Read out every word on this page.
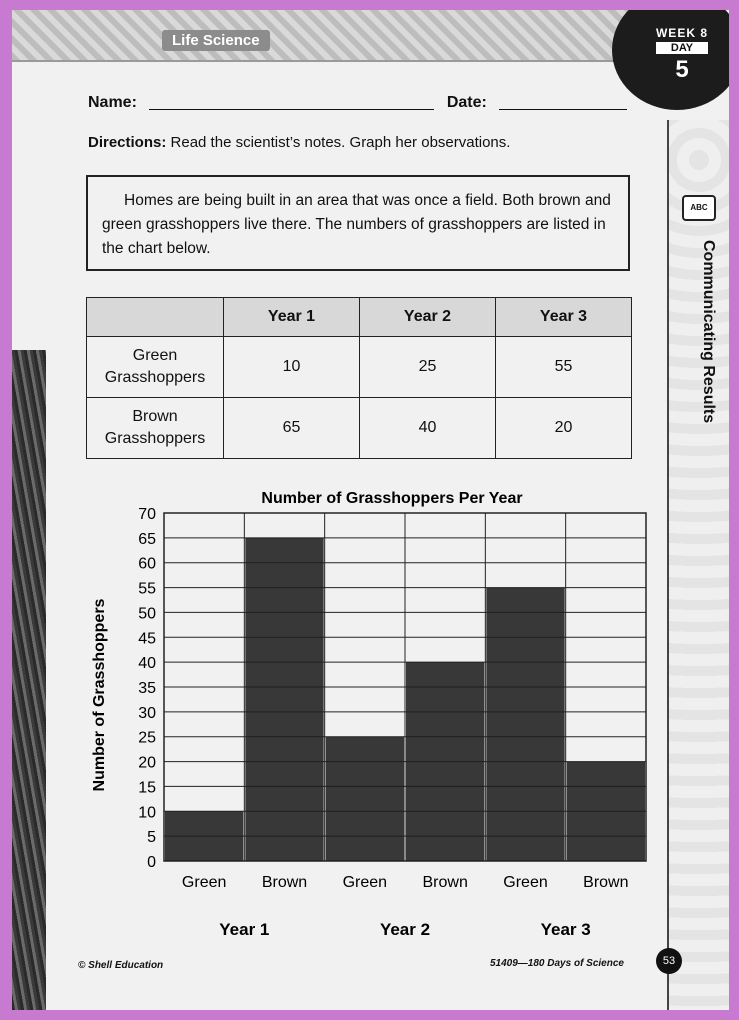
Life Science	WEEK 8
DAY
5
ABC
Communicating Results
Name:	Date:
Directions: Read the scientist’s notes. Graph her observations.
Homes are being built in an area that was once a field. Both brown and green grasshoppers live there. The numbers of grasshoppers are listed in the chart below.
	Year 1	Year 2	Year 3
Green
Grasshoppers	10	25	55
Brown
Grasshoppers	65	40	20
Number of Grasshoppers Per Year
Number of Grasshoppers
0
5
10
15
20
25
30
35
40
45
50
55
60
65
70
Green Brown Green Brown Green Brown
Year 1	Year 2	Year 3
© Shell Education	51409—180 Days of Science	53
